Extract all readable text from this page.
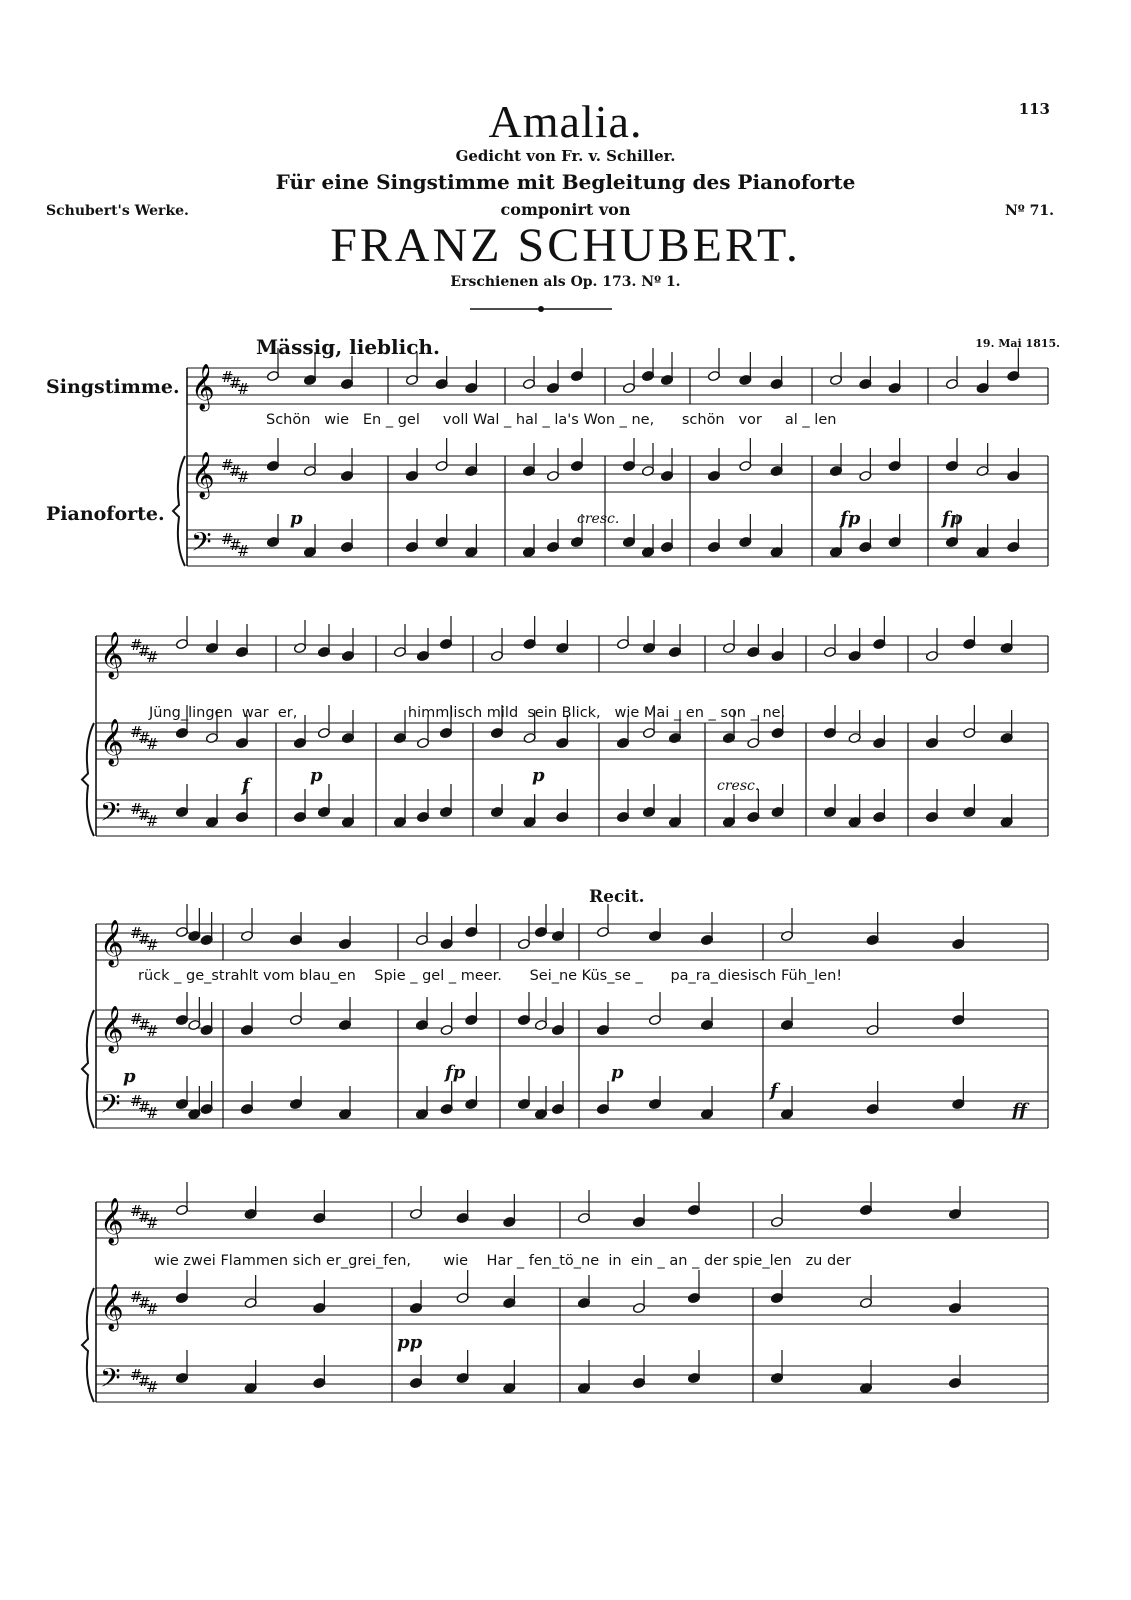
Amalia.
Gedicht von Fr. v. Schiller.
Für eine Singstimme mit Begleitung des Pianoforte
componirt von
FRANZ SCHUBERT.
Erschienen als Op. 173. Nº 1.
Schubert's Werke.
113
Nº 71.
Mässig, lieblich.	19. Mai 1815.
Recit.
Singstimme.
Pianoforte.
𝄞
𝄞
𝄢
#
#
#
#
#
#
#
#
#
𝄞
𝄞
𝄢
#
#
#
#
#
#
#
#
#
𝄞
𝄞
𝄢
#
#
#
#
#
#
#
#
#
𝄞
𝄞
𝄢
#
#
#
#
#
#
#
#
#
Schön   wie   En _ gel     voll Wal _ hal _ la's Won _ ne,      schön   vor     al _ len
Jüng_lingen  war  er,                        himmlisch mild  sein Blick,   wie Mai _ en _ son _ ne,
rück _ ge_strahlt vom blau_en    Spie _ gel _ meer.      Sei_ne Küs_se _      pa_ra_diesisch Füh_len!
wie zwei Flammen sich er_grei_fen,       wie    Har _ fen_tö_ne  in  ein _ an _ der spie_len   zu der
p	cresc.	fp	fp
f	p	p	cresc.
p	fp	p
f
ff
pp
